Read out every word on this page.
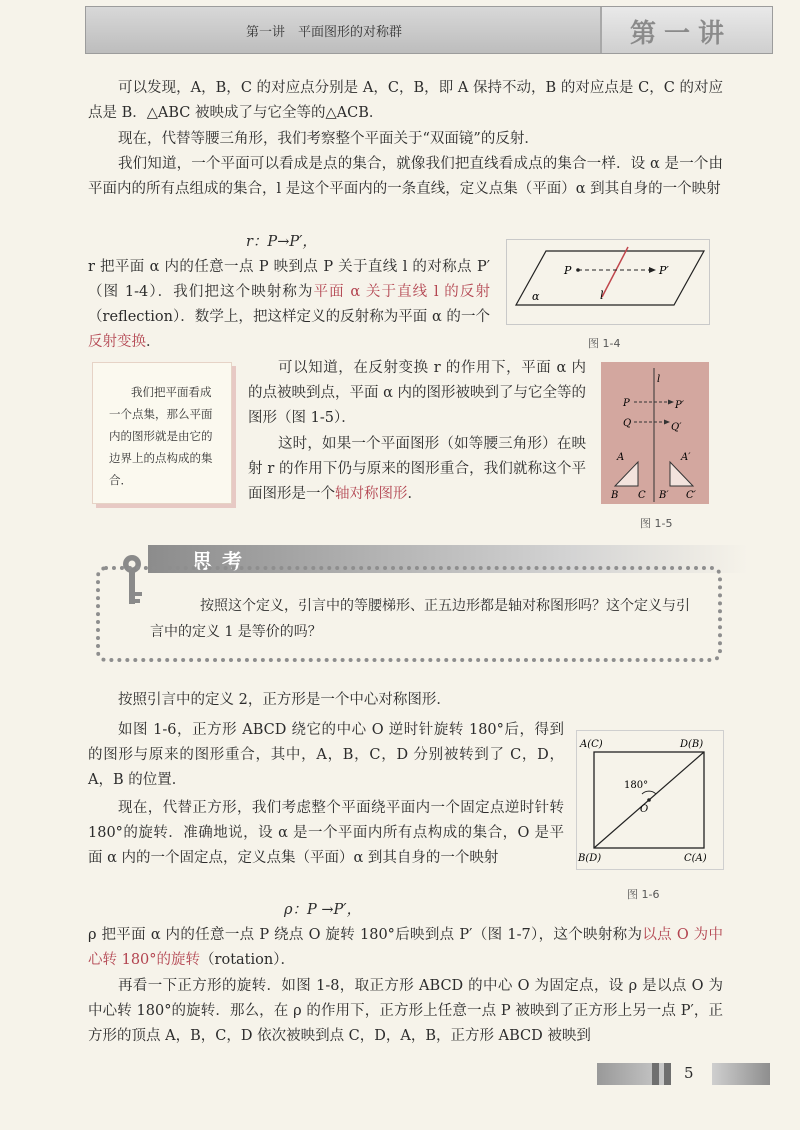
第一讲　平面图形的对称群	第一讲

可以发现，A，B，C 的对应点分别是 A，C，B，即 A 保持不动，B 的对应点是 C，C 的对应点是 B．△ABC 被映成了与它全等的△ACB．

现在，代替等腰三角形，我们考察整个平面关于“双面镜”的反射．

我们知道，一个平面可以看成是点的集合，就像我们把直线看成点的集合一样．设 α 是一个由平面内的所有点组成的集合，l 是这个平面内的一条直线，定义点集（平面）α 到其自身的一个映射

r：P→P′，

r 把平面 α 内的任意一点 P 映到点 P 关于直线 l 的对称点 P′（图 1-4）．我们把这个映射称为平面 α 关于直线 l 的反射（reflection）．数学上，把这样定义的反射称为平面 α 的一个反射变换．

可以知道，在反射变换 r 的作用下，平面 α 内的点被映到点，平面 α 内的图形被映到了与它全等的图形（图 1-5）．

这时，如果一个平面图形（如等腰三角形）在映射 r 的作用下仍与原来的图形重合，我们就称这个平面图形是一个轴对称图形．

我们把平面看成一个点集，那么平面内的图形就是由它的边界上的点构成的集合．

P	P′
l
α
图 1-4
l
P	P′
Q	Q′
A	A′
B C B′ C′
图 1-5
思考

按照这个定义，引言中的等腰梯形、正五边形都是轴对称图形吗？这个定义与引言中的定义 1 是等价的吗？

按照引言中的定义 2，正方形是一个中心对称图形．

如图 1-6，正方形 ABCD 绕它的中心 O 逆时针旋转 180°后，得到的图形与原来的图形重合，其中，A，B，C，D 分别被转到了 C，D，A，B 的位置．

现在，代替正方形，我们考虑整个平面绕平面内一个固定点逆时针转 180°的旋转．准确地说，设 α 是一个平面内所有点构成的集合，O 是平面 α 内的一个固定点，定义点集（平面）α 到其自身的一个映射

ρ：P →P′，

ρ 把平面 α 内的任意一点 P 绕点 O 旋转 180°后映到点 P′（图 1-7），这个映射称为以点 O 为中心转 180°的旋转（rotation）．

再看一下正方形的旋转．如图 1-8，取正方形 ABCD 的中心 O 为固定点，设 ρ 是以点 O 为中心转 180°的旋转．那么，在 ρ 的作用下，正方形上任意一点 P 被映到了正方形上另一点 P′，正方形的顶点 A，B，C，D 依次被映到点 C，D，A，B，正方形 ABCD 被映到

A(C)	D(B)
B(D)	C(A)
180°
O
图 1-6
5
